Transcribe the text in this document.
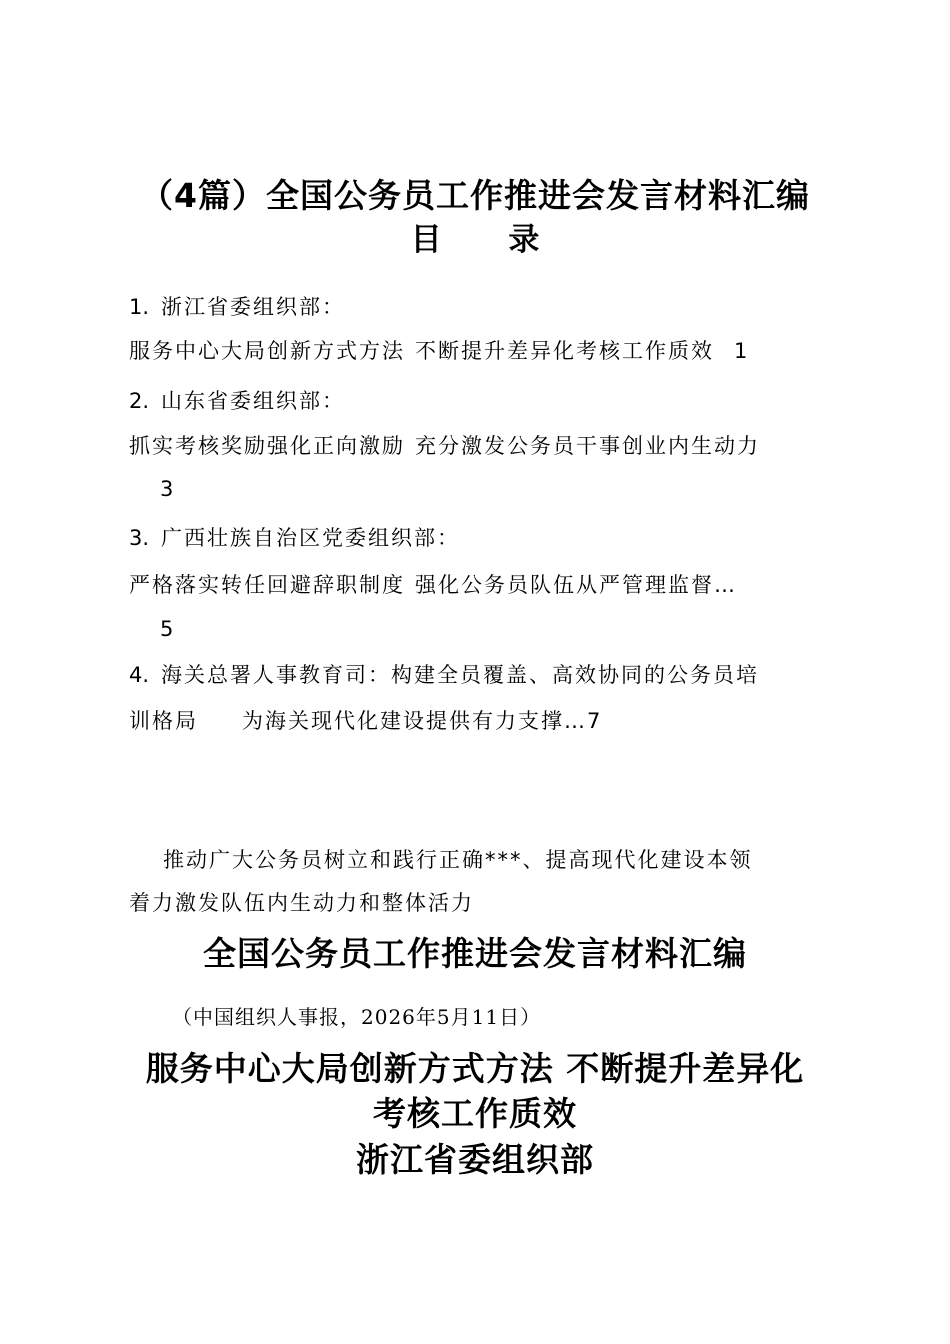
（4篇）全国公务员工作推进会发言材料汇编
目 录
1. 浙江省委组织部：
服务中心大局创新方式方法 不断提升差异化考核工作质效 1
2. 山东省委组织部：
抓实考核奖励强化正向激励 充分激发公务员干事创业内生动力
3
3. 广西壮族自治区党委组织部：
严格落实转任回避辞职制度 强化公务员队伍从严管理监督…
5
4. 海关总署人事教育司：构建全员覆盖、高效协同的公务员培
训格局 为海关现代化建设提供有力支撑…7
推动广大公务员树立和践行正确***、提高现代化建设本领
着力激发队伍内生动力和整体活力
全国公务员工作推进会发言材料汇编
（中国组织人事报，2026年5月11日）
服务中心大局创新方式方法 不断提升差异化
考核工作质效
浙江省委组织部
